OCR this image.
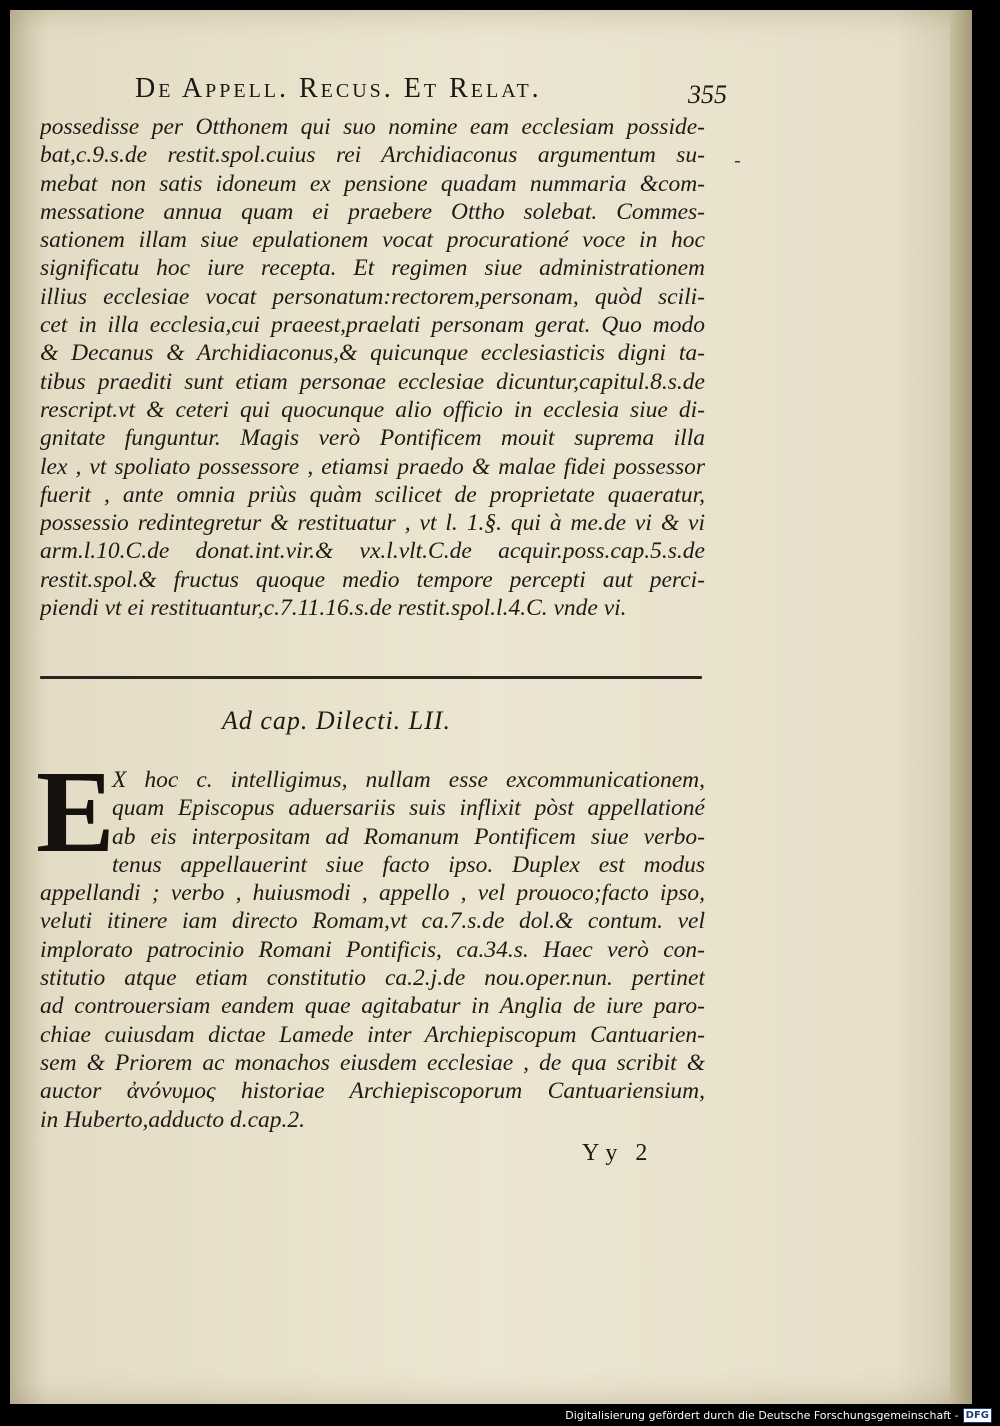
De Appell. Recus. Et Relat.	355
-
possedisse per Otthonem qui suo nomine eam ecclesiam posside-
bat,c.9.s.de restit.spol.cuius rei Archidiaconus argumentum su-
mebat non satis idoneum ex pensione quadam nummaria &com-
messatione annua quam ei praebere Ottho solebat. Commes-
sationem illam siue epulationem vocat procurationé voce in hoc
significatu hoc iure recepta. Et regimen siue administrationem
illius ecclesiae vocat personatum:rectorem,personam, quòd scili-
cet in illa ecclesia,cui praeest,praelati personam gerat. Quo modo
& Decanus & Archidiaconus,& quicunque ecclesiasticis digni ta-
tibus praediti sunt etiam personae ecclesiae dicuntur,capitul.8.s.de
rescript.vt & ceteri qui quocunque alio officio in ecclesia siue di-
gnitate funguntur. Magis verò Pontificem mouit suprema illa
lex , vt spoliato possessore , etiamsi praedo & malae fidei possessor
fuerit , ante omnia priùs quàm scilicet de proprietate quaeratur,
possessio redintegretur & restituatur , vt l. 1.§. qui à me.de vi & vi
arm.l.10.C.de donat.int.vir.& vx.l.vlt.C.de acquir.poss.cap.5.s.de
restit.spol.& fructus quoque medio tempore percepti aut perci-
piendi vt ei restituantur,c.7.11.16.s.de restit.spol.l.4.C. vnde vi.
Ad cap. Dilecti. LII.
E
X hoc c. intelligimus, nullam esse excommunicationem,
quam Episcopus aduersariis suis inflixit pòst appellationé
ab eis interpositam ad Romanum Pontificem siue verbo-
tenus appellauerint siue facto ipso. Duplex est modus
appellandi ; verbo , huiusmodi , appello , vel prouoco;facto ipso,
veluti itinere iam directo Romam,vt ca.7.s.de dol.& contum. vel
implorato patrocinio Romani Pontificis, ca.34.s. Haec verò con-
stitutio atque etiam constitutio ca.2.j.de nou.oper.nun. pertinet
ad controuersiam eandem quae agitabatur in Anglia de iure paro-
chiae cuiusdam dictae Lamede inter Archiepiscopum Cantuarien-
sem & Priorem ac monachos eiusdem ecclesiae , de qua scribit &
auctor ἀνόνυμος historiae Archiepiscoporum Cantuariensium,
in Huberto,adducto d.cap.2.
Yy 2
Digitalisierung gefördert durch die Deutsche Forschungsgemeinschaft - DFG
